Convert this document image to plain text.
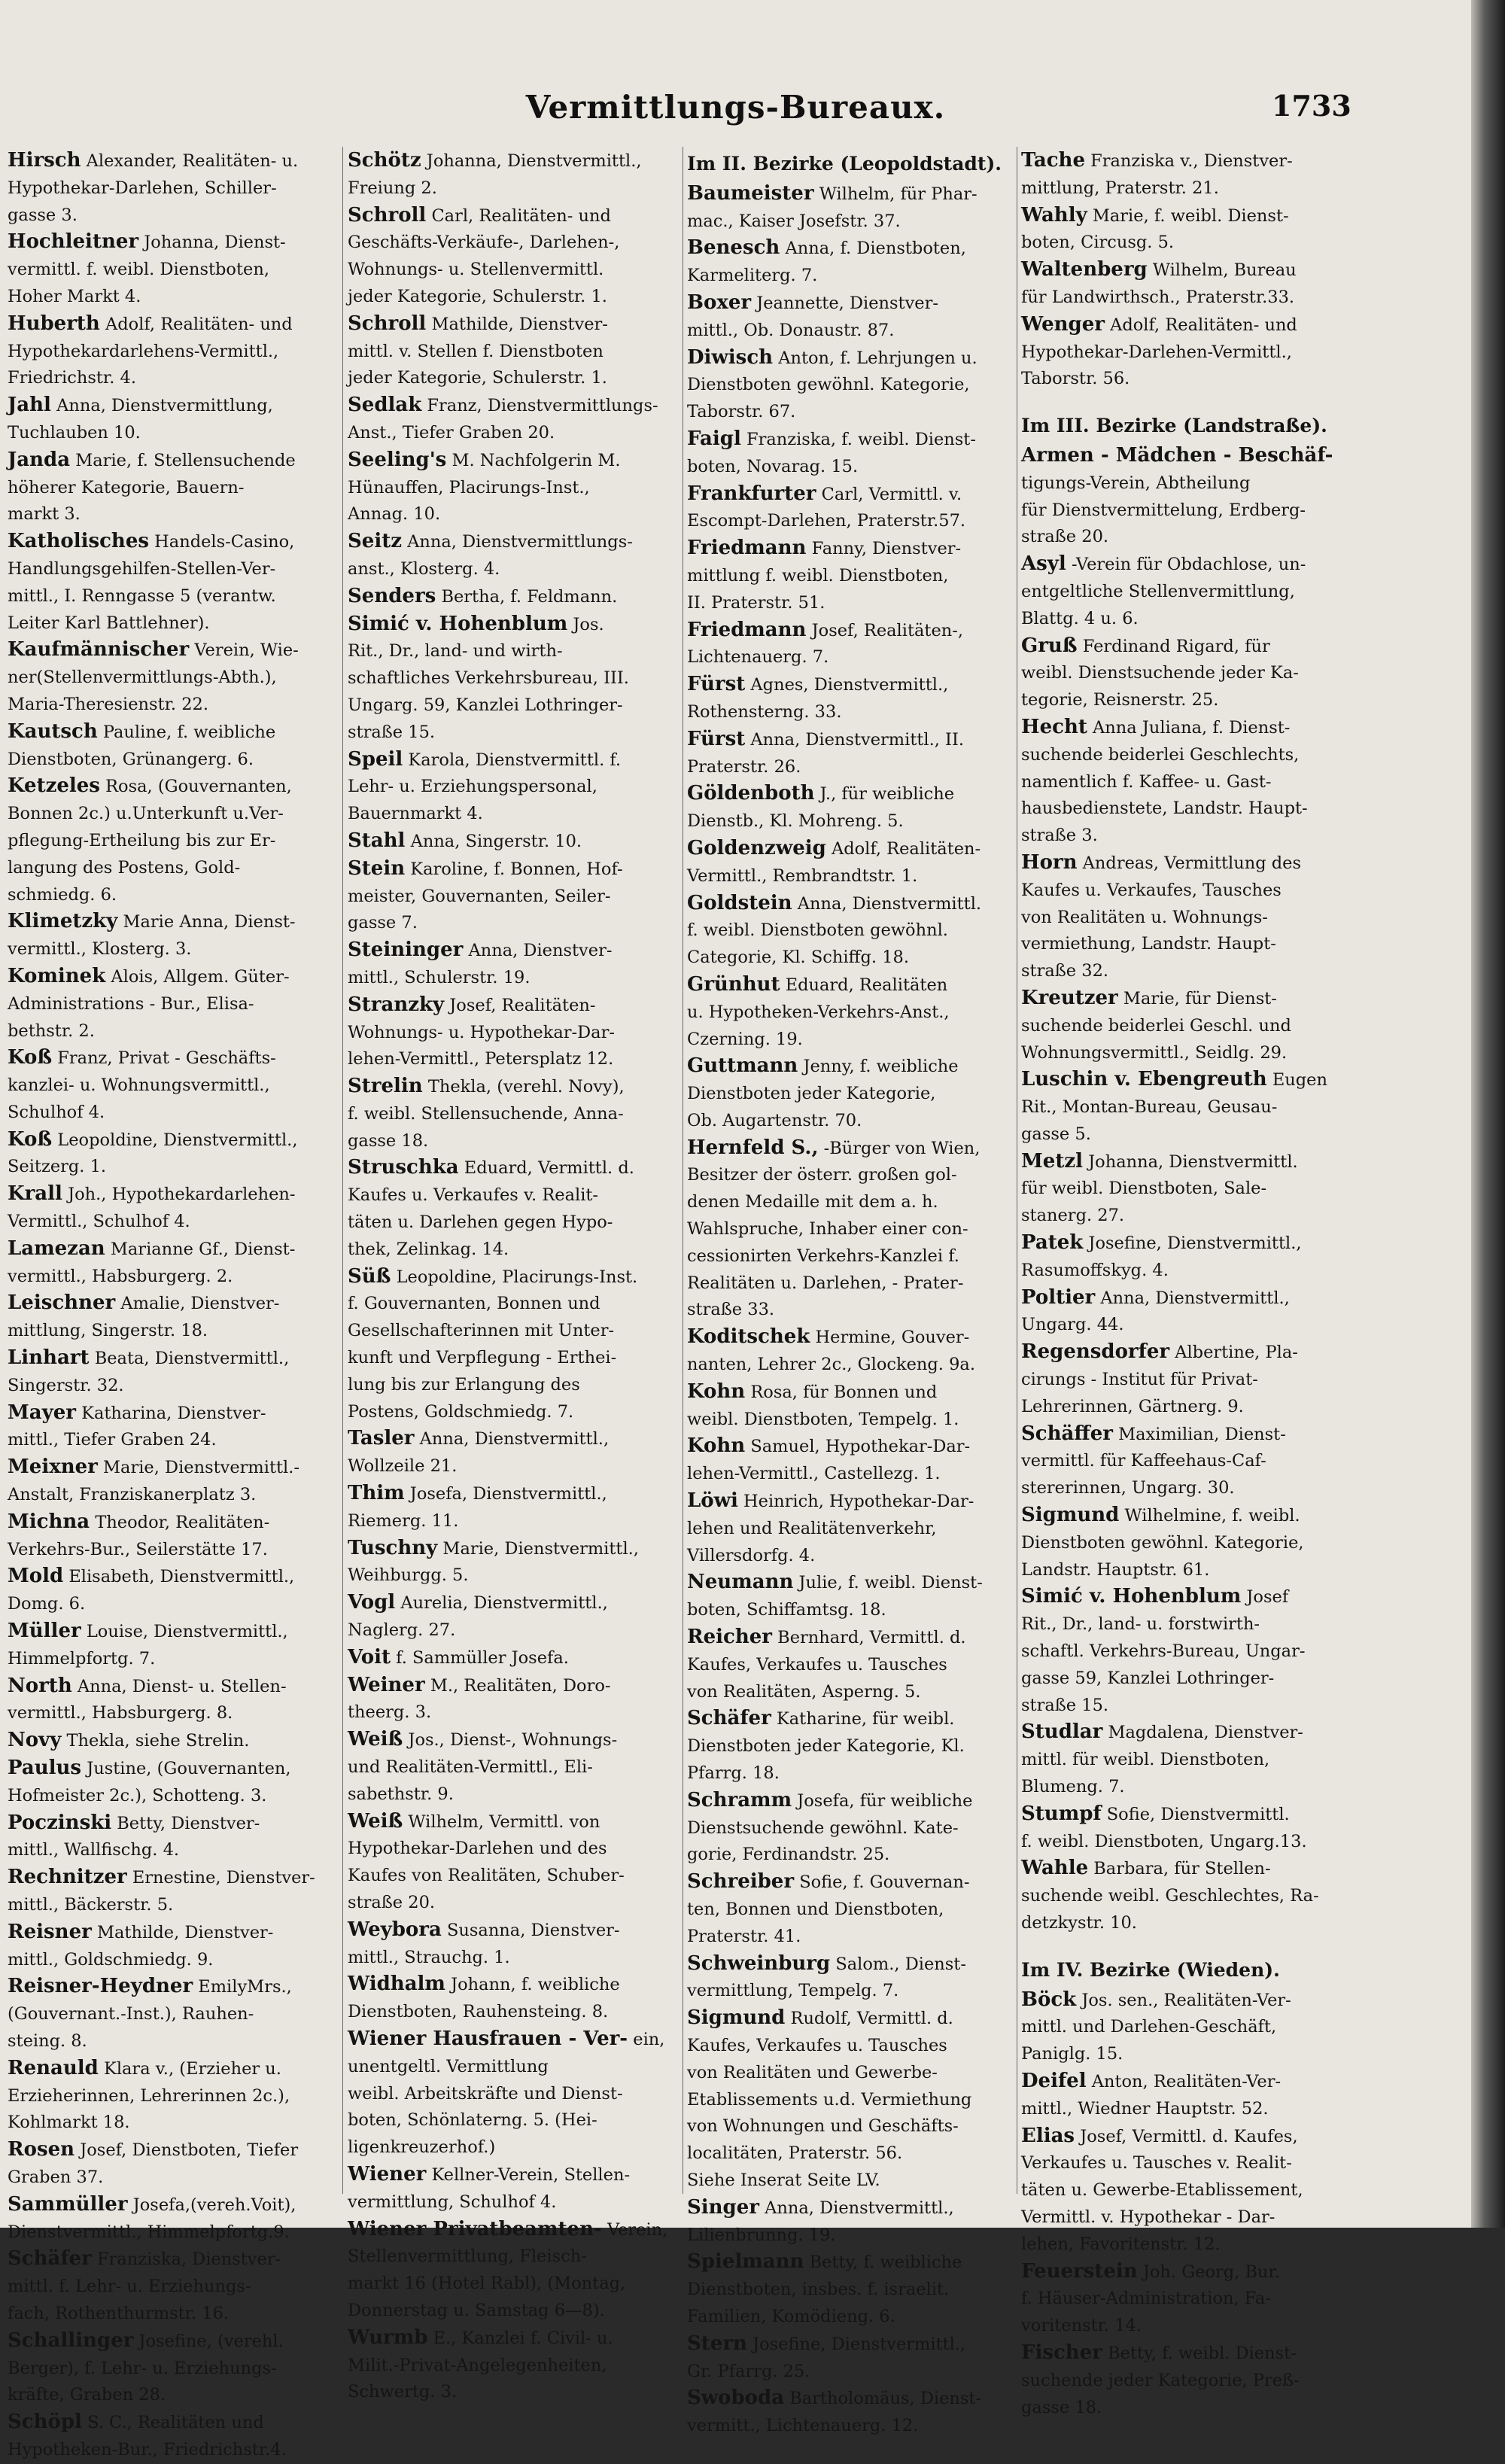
Vermittlungs-Bureaux.	1733
Hirsch Alexander, Realitäten- u.
Hypothekar-Darlehen, Schiller-
gasse 3.
Hochleitner Johanna, Dienst-
vermittl. f. weibl. Dienstboten,
Hoher Markt 4.
Huberth Adolf, Realitäten- und
Hypothekardarlehens-Vermittl.,
Friedrichstr. 4.
Jahl Anna, Dienstvermittlung,
Tuchlauben 10.
Janda Marie, f. Stellensuchende
höherer Kategorie, Bauern-
markt 3.
Katholisches Handels-Casino,
Handlungsgehilfen-Stellen-Ver-
mittl., I. Renngasse 5 (verantw.
Leiter Karl Battlehner).
Kaufmännischer Verein, Wie-
ner(Stellenvermittlungs-Abth.),
Maria-Theresienstr. 22.
Kautsch Pauline, f. weibliche
Dienstboten, Grünangerg. 6.
Ketzeles Rosa, (Gouvernanten,
Bonnen 2c.) u.Unterkunft u.Ver-
pflegung-Ertheilung bis zur Er-
langung des Postens, Gold-
schmiedg. 6.
Klimetzky Marie Anna, Dienst-
vermittl., Klosterg. 3.
Kominek Alois, Allgem. Güter-
Administrations - Bur., Elisa-
bethstr. 2.
Koß Franz, Privat - Geschäfts-
kanzlei- u. Wohnungsvermittl.,
Schulhof 4.
Koß Leopoldine, Dienstvermittl.,
Seitzerg. 1.
Krall Joh., Hypothekardarlehen-
Vermittl., Schulhof 4.
Lamezan Marianne Gf., Dienst-
vermittl., Habsburgerg. 2.
Leischner Amalie, Dienstver-
mittlung, Singerstr. 18.
Linhart Beata, Dienstvermittl.,
Singerstr. 32.
Mayer Katharina, Dienstver-
mittl., Tiefer Graben 24.
Meixner Marie, Dienstvermittl.-
Anstalt, Franziskanerplatz 3.
Michna Theodor, Realitäten-
Verkehrs-Bur., Seilerstätte 17.
Mold Elisabeth, Dienstvermittl.,
Domg. 6.
Müller Louise, Dienstvermittl.,
Himmelpfortg. 7.
North Anna, Dienst- u. Stellen-
vermittl., Habsburgerg. 8.
Novy Thekla, siehe Strelin.
Paulus Justine, (Gouvernanten,
Hofmeister 2c.), Schotteng. 3.
Poczinski Betty, Dienstver-
mittl., Wallfischg. 4.
Rechnitzer Ernestine, Dienstver-
mittl., Bäckerstr. 5.
Reisner Mathilde, Dienstver-
mittl., Goldschmiedg. 9.
Reisner-Heydner EmilyMrs.,
(Gouvernant.-Inst.), Rauhen-
steing. 8.
Renauld Klara v., (Erzieher u.
Erzieherinnen, Lehrerinnen 2c.),
Kohlmarkt 18.
Rosen Josef, Dienstboten, Tiefer
Graben 37.
Sammüller Josefa,(vereh.Voit),
Dienstvermittl., Himmelpfortg.9.
Schäfer Franziska, Dienstver-
mittl. f. Lehr- u. Erziehungs-
fach, Rothenthurmstr. 16.
Schallinger Josefine, (verehl.
Berger), f. Lehr- u. Erziehungs-
kräfte, Graben 28.
Schöpl S. C., Realitäten und
Hypotheken-Bur., Friedrichstr.4.
Schötz Johanna, Dienstvermittl.,
Freiung 2.
Schroll Carl, Realitäten- und
Geschäfts-Verkäufe-, Darlehen-,
Wohnungs- u. Stellenvermittl.
jeder Kategorie, Schulerstr. 1.
Schroll Mathilde, Dienstver-
mittl. v. Stellen f. Dienstboten
jeder Kategorie, Schulerstr. 1.
Sedlak Franz, Dienstvermittlungs-Anst., Tiefer Graben 20.
Seeling's M. Nachfolgerin M.
Hünauffen, Placirungs-Inst.,
Annag. 10.
Seitz Anna, Dienstvermittlungs-
anst., Klosterg. 4.
Senders Bertha, f. Feldmann.
Simić v. Hohenblum Jos.
Rit., Dr., land- und wirth-
schaftliches Verkehrsbureau, III.
Ungarg. 59, Kanzlei Lothringer-
straße 15.
Speil Karola, Dienstvermittl. f.
Lehr- u. Erziehungspersonal,
Bauernmarkt 4.
Stahl Anna, Singerstr. 10.
Stein Karoline, f. Bonnen, Hof-
meister, Gouvernanten, Seiler-
gasse 7.
Steininger Anna, Dienstver-
mittl., Schulerstr. 19.
Stranzky Josef, Realitäten-
Wohnungs- u. Hypothekar-Dar-
lehen-Vermittl., Petersplatz 12.
Strelin Thekla, (verehl. Novy),
f. weibl. Stellensuchende, Anna-
gasse 18.
Struschka Eduard, Vermittl. d.
Kaufes u. Verkaufes v. Realit-
täten u. Darlehen gegen Hypo-
thek, Zelinkag. 14.
Süß Leopoldine, Placirungs-Inst.
f. Gouvernanten, Bonnen und
Gesellschafterinnen mit Unter-
kunft und Verpflegung - Erthei-
lung bis zur Erlangung des
Postens, Goldschmiedg. 7.
Tasler Anna, Dienstvermittl.,
Wollzeile 21.
Thim Josefa, Dienstvermittl.,
Riemerg. 11.
Tuschny Marie, Dienstvermittl.,
Weihburgg. 5.
Vogl Aurelia, Dienstvermittl.,
Naglerg. 27.
Voit f. Sammüller Josefa.
Weiner M., Realitäten, Doro-
theerg. 3.
Weiß Jos., Dienst-, Wohnungs-
und Realitäten-Vermittl., Eli-
sabethstr. 9.
Weiß Wilhelm, Vermittl. von
Hypothekar-Darlehen und des
Kaufes von Realitäten, Schuber-
straße 20.
Weybora Susanna, Dienstver-
mittl., Strauchg. 1.
Widhalm Johann, f. weibliche
Dienstboten, Rauhensteing. 8.
Wiener Hausfrauen - Ver- ein, unentgeltl. Vermittlung
weibl. Arbeitskräfte und Dienst-
boten, Schönlaterng. 5. (Hei-
ligenkreuzerhof.)
Wiener Kellner-Verein, Stellen-
vermittlung, Schulhof 4.
Wiener Privatbeamten- Verein, Stellenvermittlung, Fleisch-
markt 16 (Hotel Rabl), (Montag,
Donnerstag u. Samstag 6—8).
Wurmb E., Kanzlei f. Civil- u.
Milit.-Privat-Angelegenheiten,
Schwertg. 3.
Im II. Bezirke (Leopoldstadt).
Baumeister Wilhelm, für Phar-
mac., Kaiser Josefstr. 37.
Benesch Anna, f. Dienstboten,
Karmeliterg. 7.
Boxer Jeannette, Dienstver-
mittl., Ob. Donaustr. 87.
Diwisch Anton, f. Lehrjungen u.
Dienstboten gewöhnl. Kategorie,
Taborstr. 67.
Faigl Franziska, f. weibl. Dienst-
boten, Novarag. 15.
Frankfurter Carl, Vermittl. v.
Escompt-Darlehen, Praterstr.57.
Friedmann Fanny, Dienstver-
mittlung f. weibl. Dienstboten,
II. Praterstr. 51.
Friedmann Josef, Realitäten-,
Lichtenauerg. 7.
Fürst Agnes, Dienstvermittl.,
Rothensterng. 33.
Fürst Anna, Dienstvermittl., II.
Praterstr. 26.
Göldenboth J., für weibliche
Dienstb., Kl. Mohreng. 5.
Goldenzweig Adolf, Realitäten-
Vermittl., Rembrandtstr. 1.
Goldstein Anna, Dienstvermittl.
f. weibl. Dienstboten gewöhnl.
Categorie, Kl. Schiffg. 18.
Grünhut Eduard, Realitäten
u. Hypotheken-Verkehrs-Anst.,
Czerning. 19.
Guttmann Jenny, f. weibliche
Dienstboten jeder Kategorie,
Ob. Augartenstr. 70.
Hernfeld S., -Bürger von Wien,
Besitzer der österr. großen gol-
denen Medaille mit dem a. h.
Wahlspruche, Inhaber einer con-
cessionirten Verkehrs-Kanzlei f.
Realitäten u. Darlehen, - Prater-
straße 33.
Koditschek Hermine, Gouver-
nanten, Lehrer 2c., Glockeng. 9a.
Kohn Rosa, für Bonnen und
weibl. Dienstboten, Tempelg. 1.
Kohn Samuel, Hypothekar-Dar-
lehen-Vermittl., Castellezg. 1.
Löwi Heinrich, Hypothekar-Dar-
lehen und Realitätenverkehr,
Villersdorfg. 4.
Neumann Julie, f. weibl. Dienst-
boten, Schiffamtsg. 18.
Reicher Bernhard, Vermittl. d.
Kaufes, Verkaufes u. Tausches
von Realitäten, Asperng. 5.
Schäfer Katharine, für weibl.
Dienstboten jeder Kategorie, Kl.
Pfarrg. 18.
Schramm Josefa, für weibliche
Dienstsuchende gewöhnl. Kate-
gorie, Ferdinandstr. 25.
Schreiber Sofie, f. Gouvernan-
ten, Bonnen und Dienstboten,
Praterstr. 41.
Schweinburg Salom., Dienst-
vermittlung, Tempelg. 7.
Sigmund Rudolf, Vermittl. d.
Kaufes, Verkaufes u. Tausches
von Realitäten und Gewerbe-
Etablissements u.d. Vermiethung
von Wohnungen und Geschäfts-
localitäten, Praterstr. 56.
Siehe Inserat Seite LV.
Singer Anna, Dienstvermittl.,
Lilienbrunng. 19.
Spielmann Betty, f. weibliche
Dienstboten, insbes. f. israelit.
Familien, Komödieng. 6.
Stern Josefine, Dienstvermittl.,
Gr. Pfarrg. 25.
Swoboda Bartholomäus, Dienst-
vermitt., Lichtenauerg. 12.
Tache Franziska v., Dienstver-
mittlung, Praterstr. 21.
Wahly Marie, f. weibl. Dienst-
boten, Circusg. 5.
Waltenberg Wilhelm, Bureau
für Landwirthsch., Praterstr.33.
Wenger Adolf, Realitäten- und
Hypothekar-Darlehen-Vermittl.,
Taborstr. 56.
Im III. Bezirke (Landstraße).
Armen - Mädchen - Beschäf- tigungs-Verein, Abtheilung
für Dienstvermittelung, Erdberg-
straße 20.
Asyl -Verein für Obdachlose, un-
entgeltliche Stellenvermittlung,
Blattg. 4 u. 6.
Gruß Ferdinand Rigard, für
weibl. Dienstsuchende jeder Ka-
tegorie, Reisnerstr. 25.
Hecht Anna Juliana, f. Dienst-
suchende beiderlei Geschlechts,
namentlich f. Kaffee- u. Gast-
hausbedienstete, Landstr. Haupt-
straße 3.
Horn Andreas, Vermittlung des
Kaufes u. Verkaufes, Tausches
von Realitäten u. Wohnungs-
vermiethung, Landstr. Haupt-
straße 32.
Kreutzer Marie, für Dienst-
suchende beiderlei Geschl. und
Wohnungsvermittl., Seidlg. 29.
Luschin v. Ebengreuth Eugen
Rit., Montan-Bureau, Geusau-
gasse 5.
Metzl Johanna, Dienstvermittl.
für weibl. Dienstboten, Sale-
stanerg. 27.
Patek Josefine, Dienstvermittl.,
Rasumoffskyg. 4.
Poltier Anna, Dienstvermittl.,
Ungarg. 44.
Regensdorfer Albertine, Pla-
cirungs - Institut für Privat-
Lehrerinnen, Gärtnerg. 9.
Schäffer Maximilian, Dienst-
vermittl. für Kaffeehaus-Caf-
stererinnen, Ungarg. 30.
Sigmund Wilhelmine, f. weibl.
Dienstboten gewöhnl. Kategorie,
Landstr. Hauptstr. 61.
Simić v. Hohenblum Josef
Rit., Dr., land- u. forstwirth-
schaftl. Verkehrs-Bureau, Ungar-
gasse 59, Kanzlei Lothringer-
straße 15.
Studlar Magdalena, Dienstver-
mittl. für weibl. Dienstboten,
Blumeng. 7.
Stumpf Sofie, Dienstvermittl.
f. weibl. Dienstboten, Ungarg.13.
Wahle Barbara, für Stellen-
suchende weibl. Geschlechtes, Ra-
detzkystr. 10.
Im IV. Bezirke (Wieden).
Böck Jos. sen., Realitäten-Ver-
mittl. und Darlehen-Geschäft,
Paniglg. 15.
Deifel Anton, Realitäten-Ver-
mittl., Wiedner Hauptstr. 52.
Elias Josef, Vermittl. d. Kaufes,
Verkaufes u. Tausches v. Realit-
täten u. Gewerbe-Etablissement,
Vermittl. v. Hypothekar - Dar-
lehen, Favoritenstr. 12.
Feuerstein Joh. Georg, Bur.
f. Häuser-Administration, Fa-
voritenstr. 14.
Fischer Betty, f. weibl. Dienst-
suchende jeder Kategorie, Preß-
gasse 18.
